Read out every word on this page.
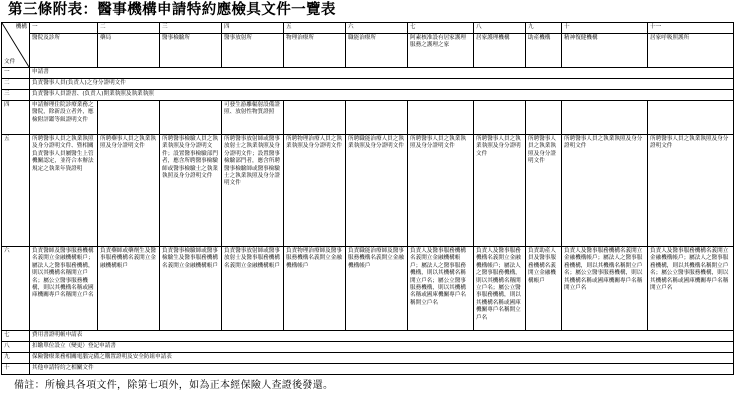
第三條附表：醫事機構申請特約應檢具文件一覽表
機構
文件	一	二	三	四	五	六	七	八	九	十	十一
	醫院及診所	藥局	醫事檢驗所	醫事放射所	物理治療所	職能治療所	阿素核准設有居家護理服務之護理之家	居家護理機構	助產機構	精神復健機構	居家呼吸照護所
一	申請書										
二	負責醫事人員(負責人)之身分證明文件										
三	負責醫事人員證書、(負責人)開業執照及執業執照										
四	申請辦理住院診療業務之醫院，除新設立者外，應檢附評鑑等級證明文件			可發生游離輻射設備證照、放射性物質證照							
五	所聘醫事人員之執業執照及身分證明文件、暨相關負責醫事人員屬醫生上管機關認定，並符合本辦法規定之執業年資證明	所聘藥事人員之執業執照及身分證明文件	所聘醫事檢驗人員之執業執照及身分證明文件；設置醫事檢驗部門者，應含所聘醫事檢驗師或醫事檢驗士之執業執照及身分證明文件	所聘醫事放射師或醫事放射士之執業執照及身分證明文件；設置醫事檢驗部門者，應含所聘醫事檢驗師或醫事檢驗士之執業執照及身分證明文件	所聘物理治療人員之執業執照及身分證明文件	所聘職能治療人員之執業執照及身分證明文件	所聘醫事人員之執業執照及身分證明文件	所聘醫事人員之執業執照及身分證明文件	所聘醫事人員之執業執照及身分證明文件	所聘醫事人員之執業執照及身分證明文件	所聘醫事人員之執業執照及身分證明文件
六	負責醫師及醫事服務機構名義開立金融機構帳戶；屬法人之醫事服務機構，則以其機構名稱開立戶名；屬公立醫事服務機構，則以其機構名稱或國庫機關專戶名稱開立戶名	負責藥師或藥劑生及醫事服務機構名義開立金融機構帳戶	負責醫事檢驗師或醫事檢驗生及醫事服務機構名義開立金融機構帳戶	負責醫事放射師或醫事放射士及醫事服務機構名義開立金融機構帳戶	負責物理治療師及醫事服務機構名義開立金融機構帳戶	負責職能治療師及醫事服務機構名義開立金融機構帳戶	負責人及醫事服務機構名義開立金融機構帳戶；屬法人之醫事服務機構，則以其機構名稱開立戶名；屬公立醫事服務機構，則以其機構名稱或國庫機關專戶名稱開立戶名	負責人及醫事服務機構名義開立金融機構帳戶；屬法人之醫事服務機構，則以其機構名稱開立戶名；屬公立醫事服務機構，則以其機構名稱或國庫機關專戶名稱開立戶名	負責助產人員及醫事服務機構名義開立金融機構帳戶	負責人及醫事服務機構名義開立金融機構帳戶；屬法人之醫事服務機構，則以其機構名稱開立戶名；屬公立醫事服務機構，則以其機構名稱或國庫機關專戶名稱開立戶名	負責人及醫事服務機構名義開立金融機構帳戶；屬法人之醫事服務機構，則以其機構名稱開立戶名；屬公立醫事服務機構，則以其機構名稱或國庫機關專戶名稱開立戶名
七	費用書證明帳申請表										
八	扣繳單位設立（變更）登記申請書										
九	保險醫療業務相關電腦完備之購置證明及安全防組申請表										
十	其他申請特約之相關文件										
備註：所檢具各項文件，除第七項外，如為正本經保險人查證後發還。
